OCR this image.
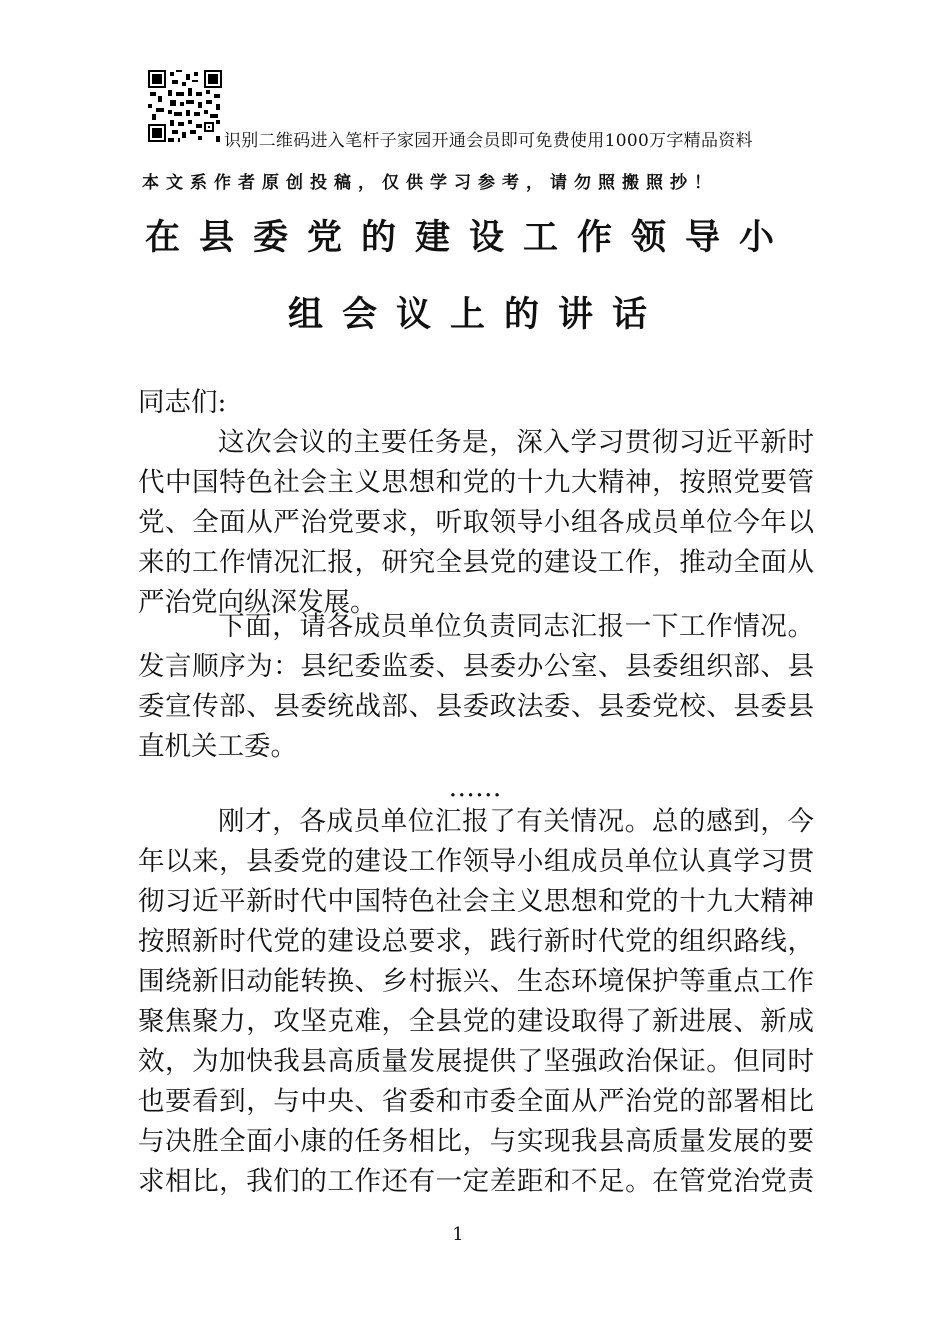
识别二维码进入笔杆子家园开通会员即可免费使用1000万字精品资料
本文系作者原创投稿，仅供学习参考，请勿照搬照抄！
在县委党的建设工作领导小
组会议上的讲话
同志们:
这次会议的主要任务是，深入学习贯彻习近平新时
代中国特色社会主义思想和党的十九大精神，按照党要管
党、全面从严治党要求，听取领导小组各成员单位今年以
来的工作情况汇报，研究全县党的建设工作，推动全面从
严治党向纵深发展。
下面，请各成员单位负责同志汇报一下工作情况。
发言顺序为：县纪委监委、县委办公室、县委组织部、县
委宣传部、县委统战部、县委政法委、县委党校、县委县
直机关工委。
……
刚才，各成员单位汇报了有关情况。总的感到，今
年以来，县委党的建设工作领导小组成员单位认真学习贯
彻习近平新时代中国特色社会主义思想和党的十九大精神
按照新时代党的建设总要求，践行新时代党的组织路线，
围绕新旧动能转换、乡村振兴、生态环境保护等重点工作
聚焦聚力，攻坚克难，全县党的建设取得了新进展、新成
效，为加快我县高质量发展提供了坚强政治保证。但同时
也要看到，与中央、省委和市委全面从严治党的部署相比
与决胜全面小康的任务相比，与实现我县高质量发展的要
求相比，我们的工作还有一定差距和不足。在管党治党责
1
